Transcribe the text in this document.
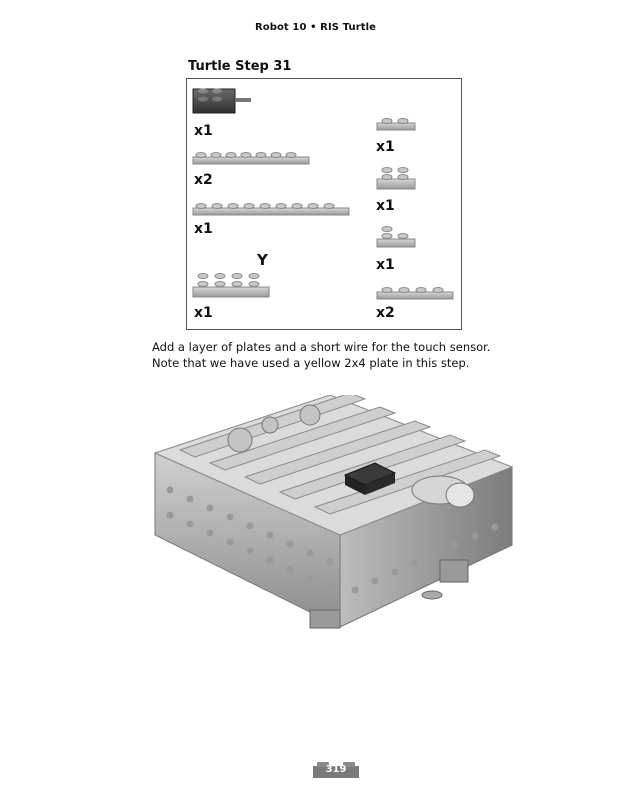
Robot 10 • RIS Turtle
Turtle Step 31
x1
x2
x1
x1
Y
x1
x1
x1
x2

Add a layer of plates and a short wire for the touch sensor.

Note that we have used a yellow 2x4 plate in this step.

319
